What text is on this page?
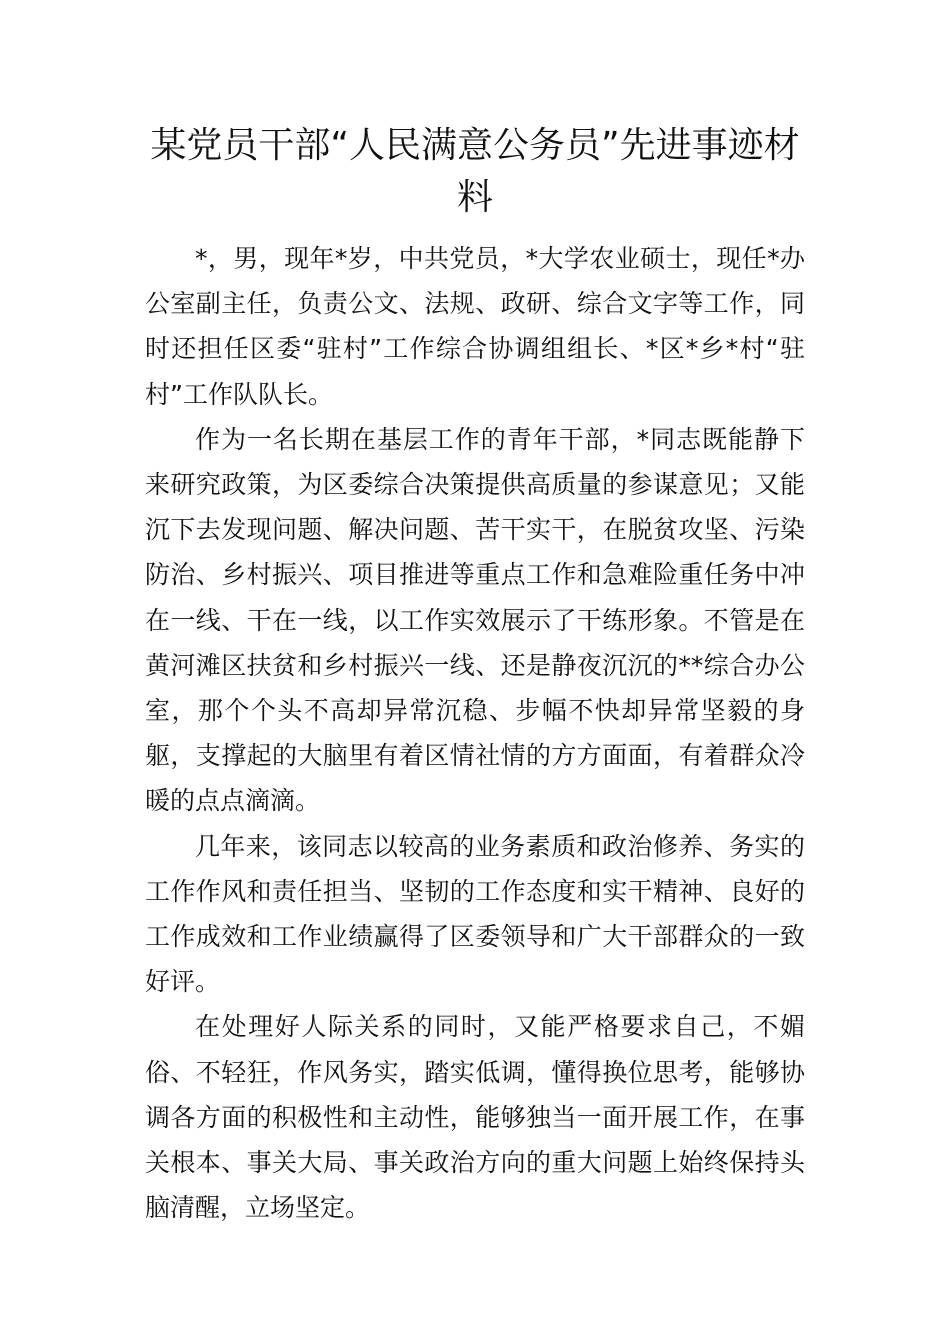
某党员干部“人民满意公务员”先进事迹材料

*，男，现年*岁，中共党员，*大学农业硕士，现任*办公室副主任，负责公文、法规、政研、综合文字等工作，同时还担任区委“驻村”工作综合协调组组长、*区*乡*村“驻村”工作队队长。

作为一名长期在基层工作的青年干部，*同志既能静下来研究政策，为区委综合决策提供高质量的参谋意见；又能沉下去发现问题、解决问题、苦干实干，在脱贫攻坚、污染防治、乡村振兴、项目推进等重点工作和急难险重任务中冲在一线、干在一线，以工作实效展示了干练形象。不管是在黄河滩区扶贫和乡村振兴一线、还是静夜沉沉的**综合办公室，那个个头不高却异常沉稳、步幅不快却异常坚毅的身躯，支撑起的大脑里有着区情社情的方方面面，有着群众冷暖的点点滴滴。

几年来，该同志以较高的业务素质和政治修养、务实的工作作风和责任担当、坚韧的工作态度和实干精神、良好的工作成效和工作业绩赢得了区委领导和广大干部群众的一致好评。

在处理好人际关系的同时，又能严格要求自己，不媚俗、不轻狂，作风务实，踏实低调，懂得换位思考，能够协调各方面的积极性和主动性，能够独当一面开展工作，在事关根本、事关大局、事关政治方向的重大问题上始终保持头脑清醒，立场坚定。
